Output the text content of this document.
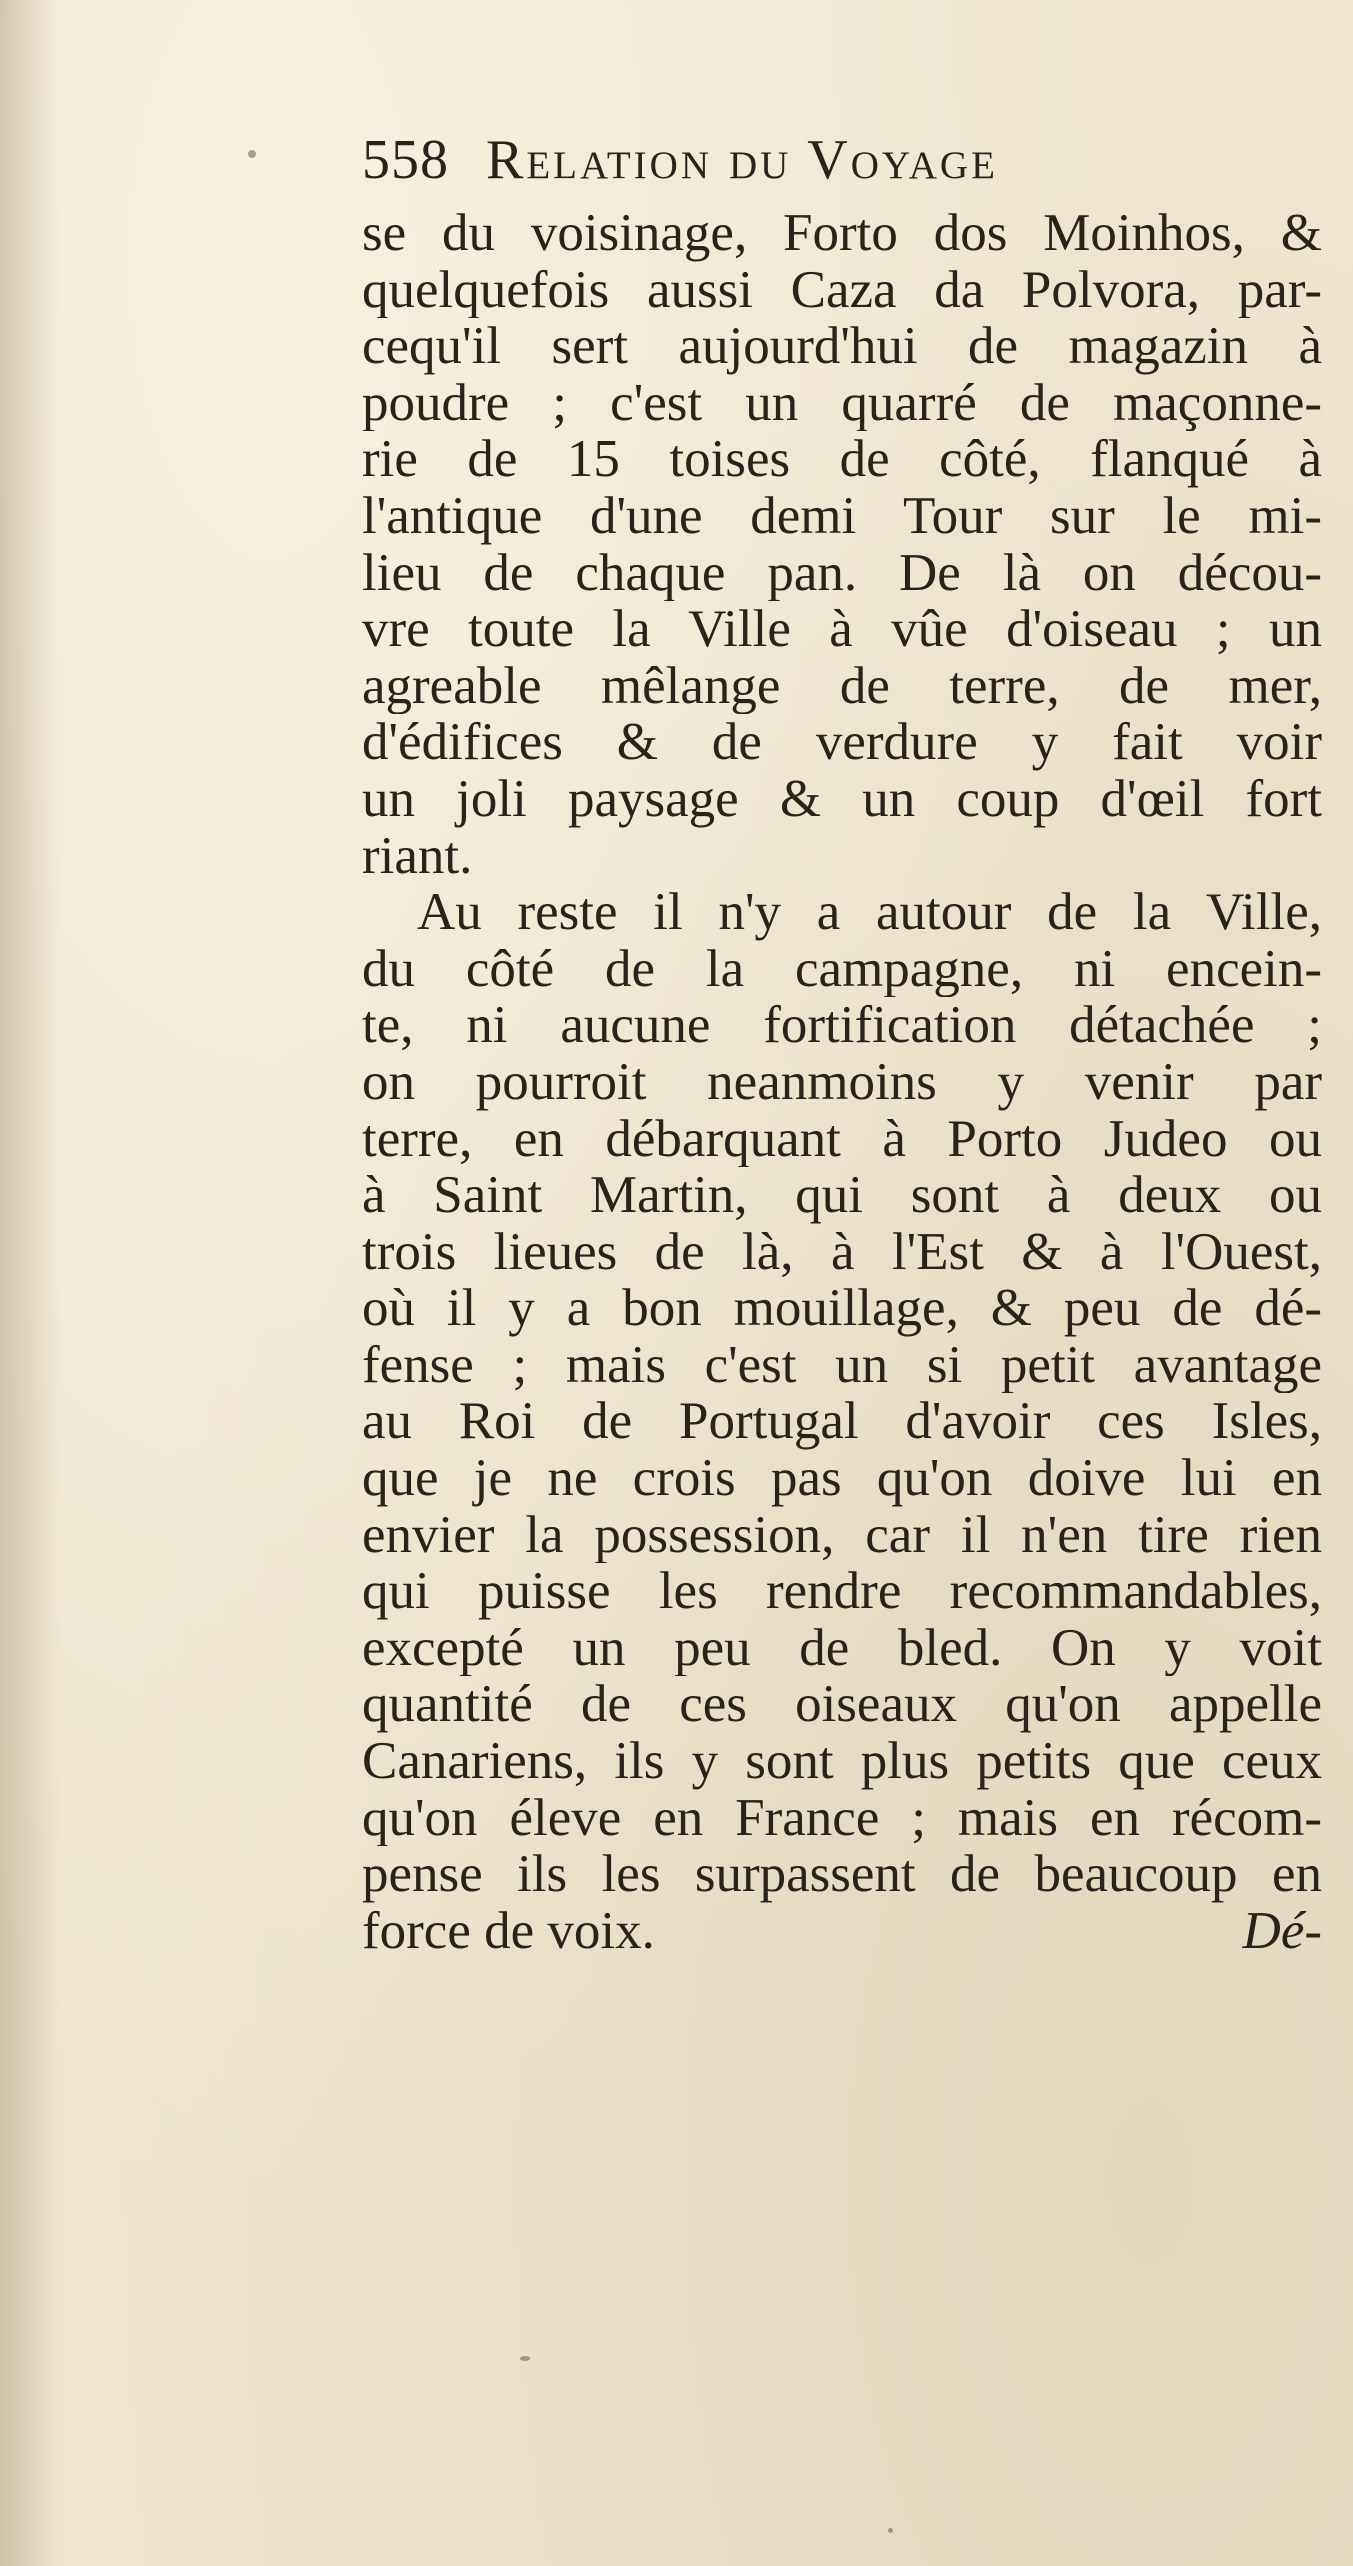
558 Relation du Voyage
se du voisinage, Forto dos Moinhos, &
quelquefois aussi Caza da Polvora, par-
cequ'il sert aujourd'hui de magazin à
poudre ; c'est un quarré de maçonne-
rie de 15 toises de côté, flanqué à
l'antique d'une demi Tour sur le mi-
lieu de chaque pan. De là on décou-
vre toute la Ville à vûe d'oiseau ; un
agreable mêlange de terre, de mer,
d'édifices & de verdure y fait voir
un joli paysage & un coup d'œil fort
riant.
Au reste il n'y a autour de la Ville,
du côté de la campagne, ni encein-
te, ni aucune fortification détachée ;
on pourroit neanmoins y venir par
terre, en débarquant à Porto Judeo ou
à Saint Martin, qui sont à deux ou
trois lieues de là, à l'Est & à l'Ouest,
où il y a bon mouillage, & peu de dé-
fense ; mais c'est un si petit avantage
au Roi de Portugal d'avoir ces Isles,
que je ne crois pas qu'on doive lui en
envier la possession, car il n'en tire rien
qui puisse les rendre recommandables,
excepté un peu de bled. On y voit
quantité de ces oiseaux qu'on appelle
Canariens, ils y sont plus petits que ceux
qu'on éleve en France ; mais en récom-
pense ils les surpassent de beaucoup en
force de voix.	Dé-
